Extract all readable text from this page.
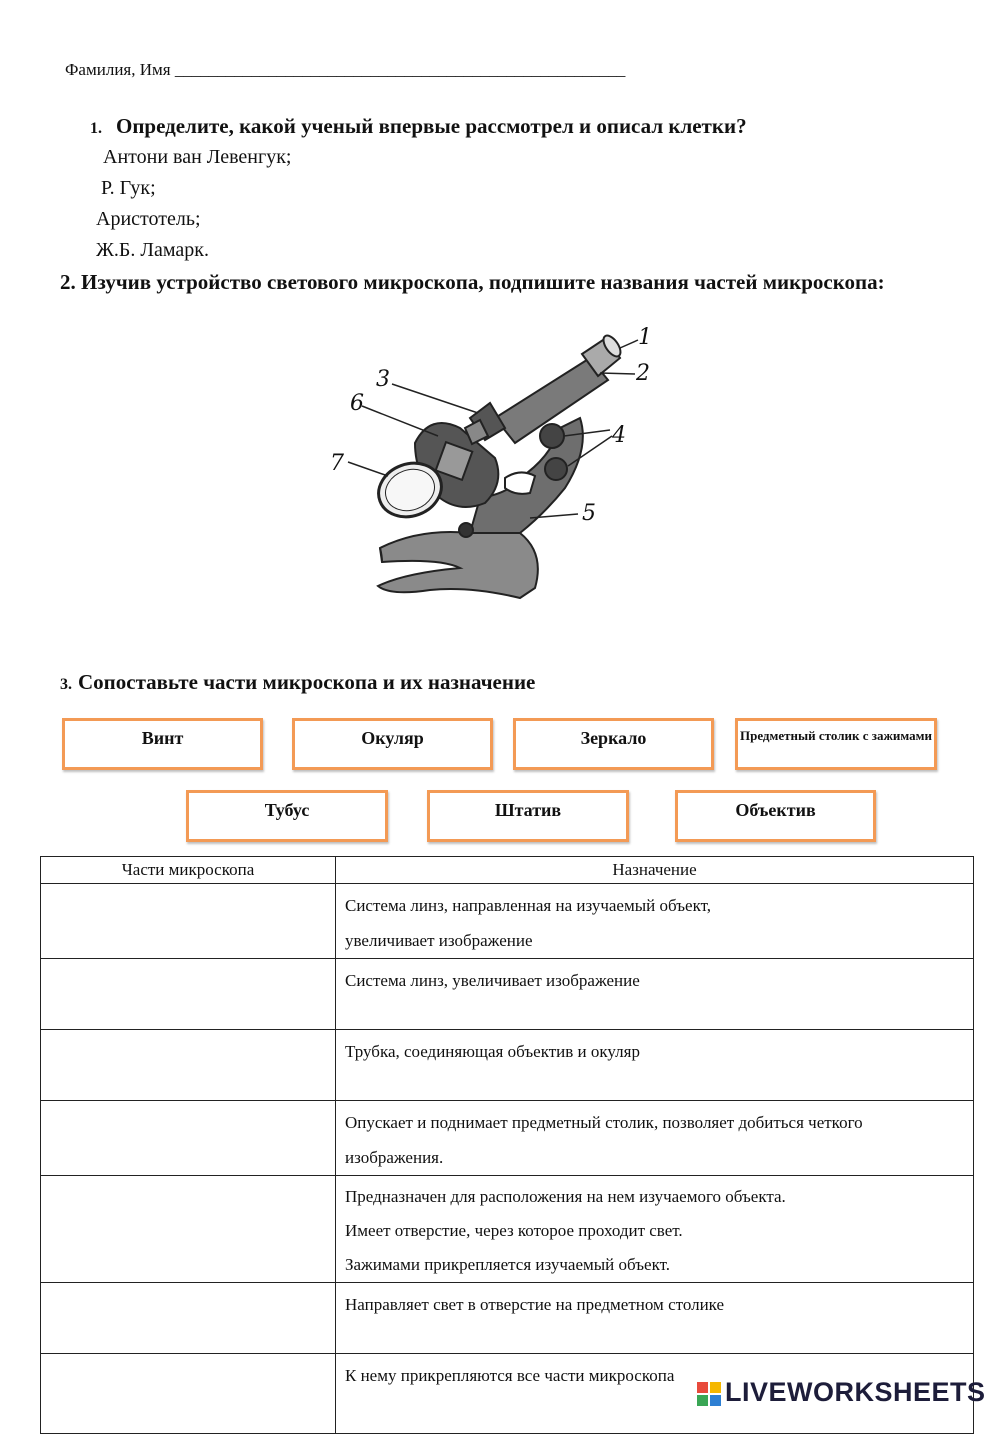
Фамилия, Имя _____________________________________________________
1. Определите, какой ученый впервые рассмотрел и описал клетки?
Антони ван Левенгук;
Р. Гук;
Аристотель;
Ж.Б. Ламарк.
2. Изучив устройство светового микроскопа, подпишите названия частей микроскопа:
1
2
3
4
5
6
7
3. Сопоставьте части микроскопа и их назначение
Винт	Окуляр	Зеркало	Предметный столик с зажимами
Тубус	Штатив	Объектив
Части микроскопа	Назначение

	Система линз, направленная на изучаемый объект,
увеличивает изображение

	Система линз, увеличивает изображение

	Трубка, соединяющая объектив и окуляр

	Опускает и поднимает предметный столик, позволяет добиться четкого
изображения.

	Предназначен для расположения на нем изучаемого объекта.
Имеет отверстие, через которое проходит свет.
Зажимами прикрепляется изучаемый объект.

	Направляет свет в отверстие на предметном столике

	К нему прикрепляются все части микроскопа
LIVEWORKSHEETS
